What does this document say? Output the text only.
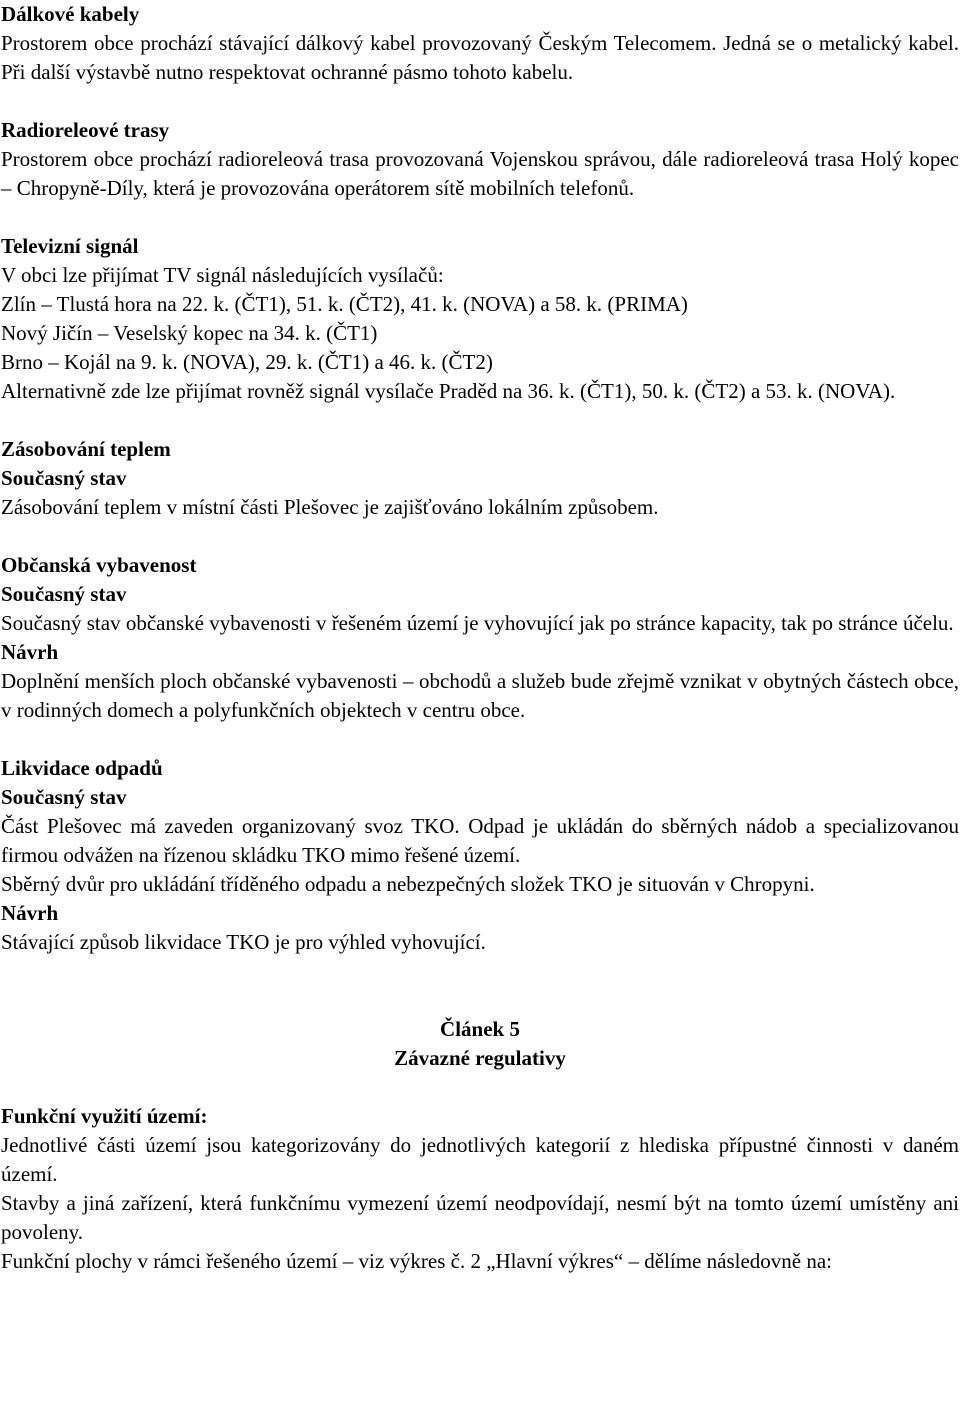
Dálkové kabely

Prostorem obce prochází stávající dálkový kabel provozovaný Českým Telecomem. Jedná se o metalický kabel. Při další výstavbě nutno respektovat ochranné pásmo tohoto kabelu.

Radioreleové trasy

Prostorem obce prochází radioreleová trasa provozovaná Vojenskou správou, dále radioreleová trasa Holý kopec – Chropyně-Díly, která je provozována operátorem sítě mobilních telefonů.

Televizní signál

V obci lze přijímat TV signál následujících vysílačů:

Zlín – Tlustá hora na 22. k. (ČT1), 51. k. (ČT2), 41. k. (NOVA) a 58. k. (PRIMA)

Nový Jičín – Veselský kopec na 34. k. (ČT1)

Brno – Kojál na 9. k. (NOVA), 29. k. (ČT1) a 46. k. (ČT2)

Alternativně zde lze přijímat rovněž signál vysílače Praděd na 36. k. (ČT1), 50. k. (ČT2) a 53. k. (NOVA).

Zásobování teplem

Současný stav

Zásobování teplem v místní části Plešovec je zajišťováno lokálním způsobem.

Občanská vybavenost

Současný stav

Současný stav občanské vybavenosti v řešeném území je vyhovující jak po stránce kapacity, tak po stránce účelu.

Návrh

Doplnění menších ploch občanské vybavenosti – obchodů a služeb bude zřejmě vznikat v obytných částech obce, v rodinných domech a polyfunkčních objektech v centru obce.

Likvidace odpadů

Současný stav

Část Plešovec má zaveden organizovaný svoz TKO. Odpad je ukládán do sběrných nádob a specializovanou firmou odvážen na řízenou skládku TKO mimo řešené území.

Sběrný dvůr pro ukládání tříděného odpadu a nebezpečných složek TKO je situován v Chropyni.

Návrh

Stávající způsob likvidace TKO je pro výhled vyhovující.

Článek 5

Závazné regulativy

Funkční využití území:

Jednotlivé části území jsou kategorizovány do jednotlivých kategorií z hlediska přípustné činnosti v daném území.

Stavby a jiná zařízení, která funkčnímu vymezení území neodpovídají, nesmí být na tomto území umístěny ani povoleny.

Funkční plochy v rámci řešeného území – viz výkres č. 2 „Hlavní výkres“ – dělíme následovně na:
